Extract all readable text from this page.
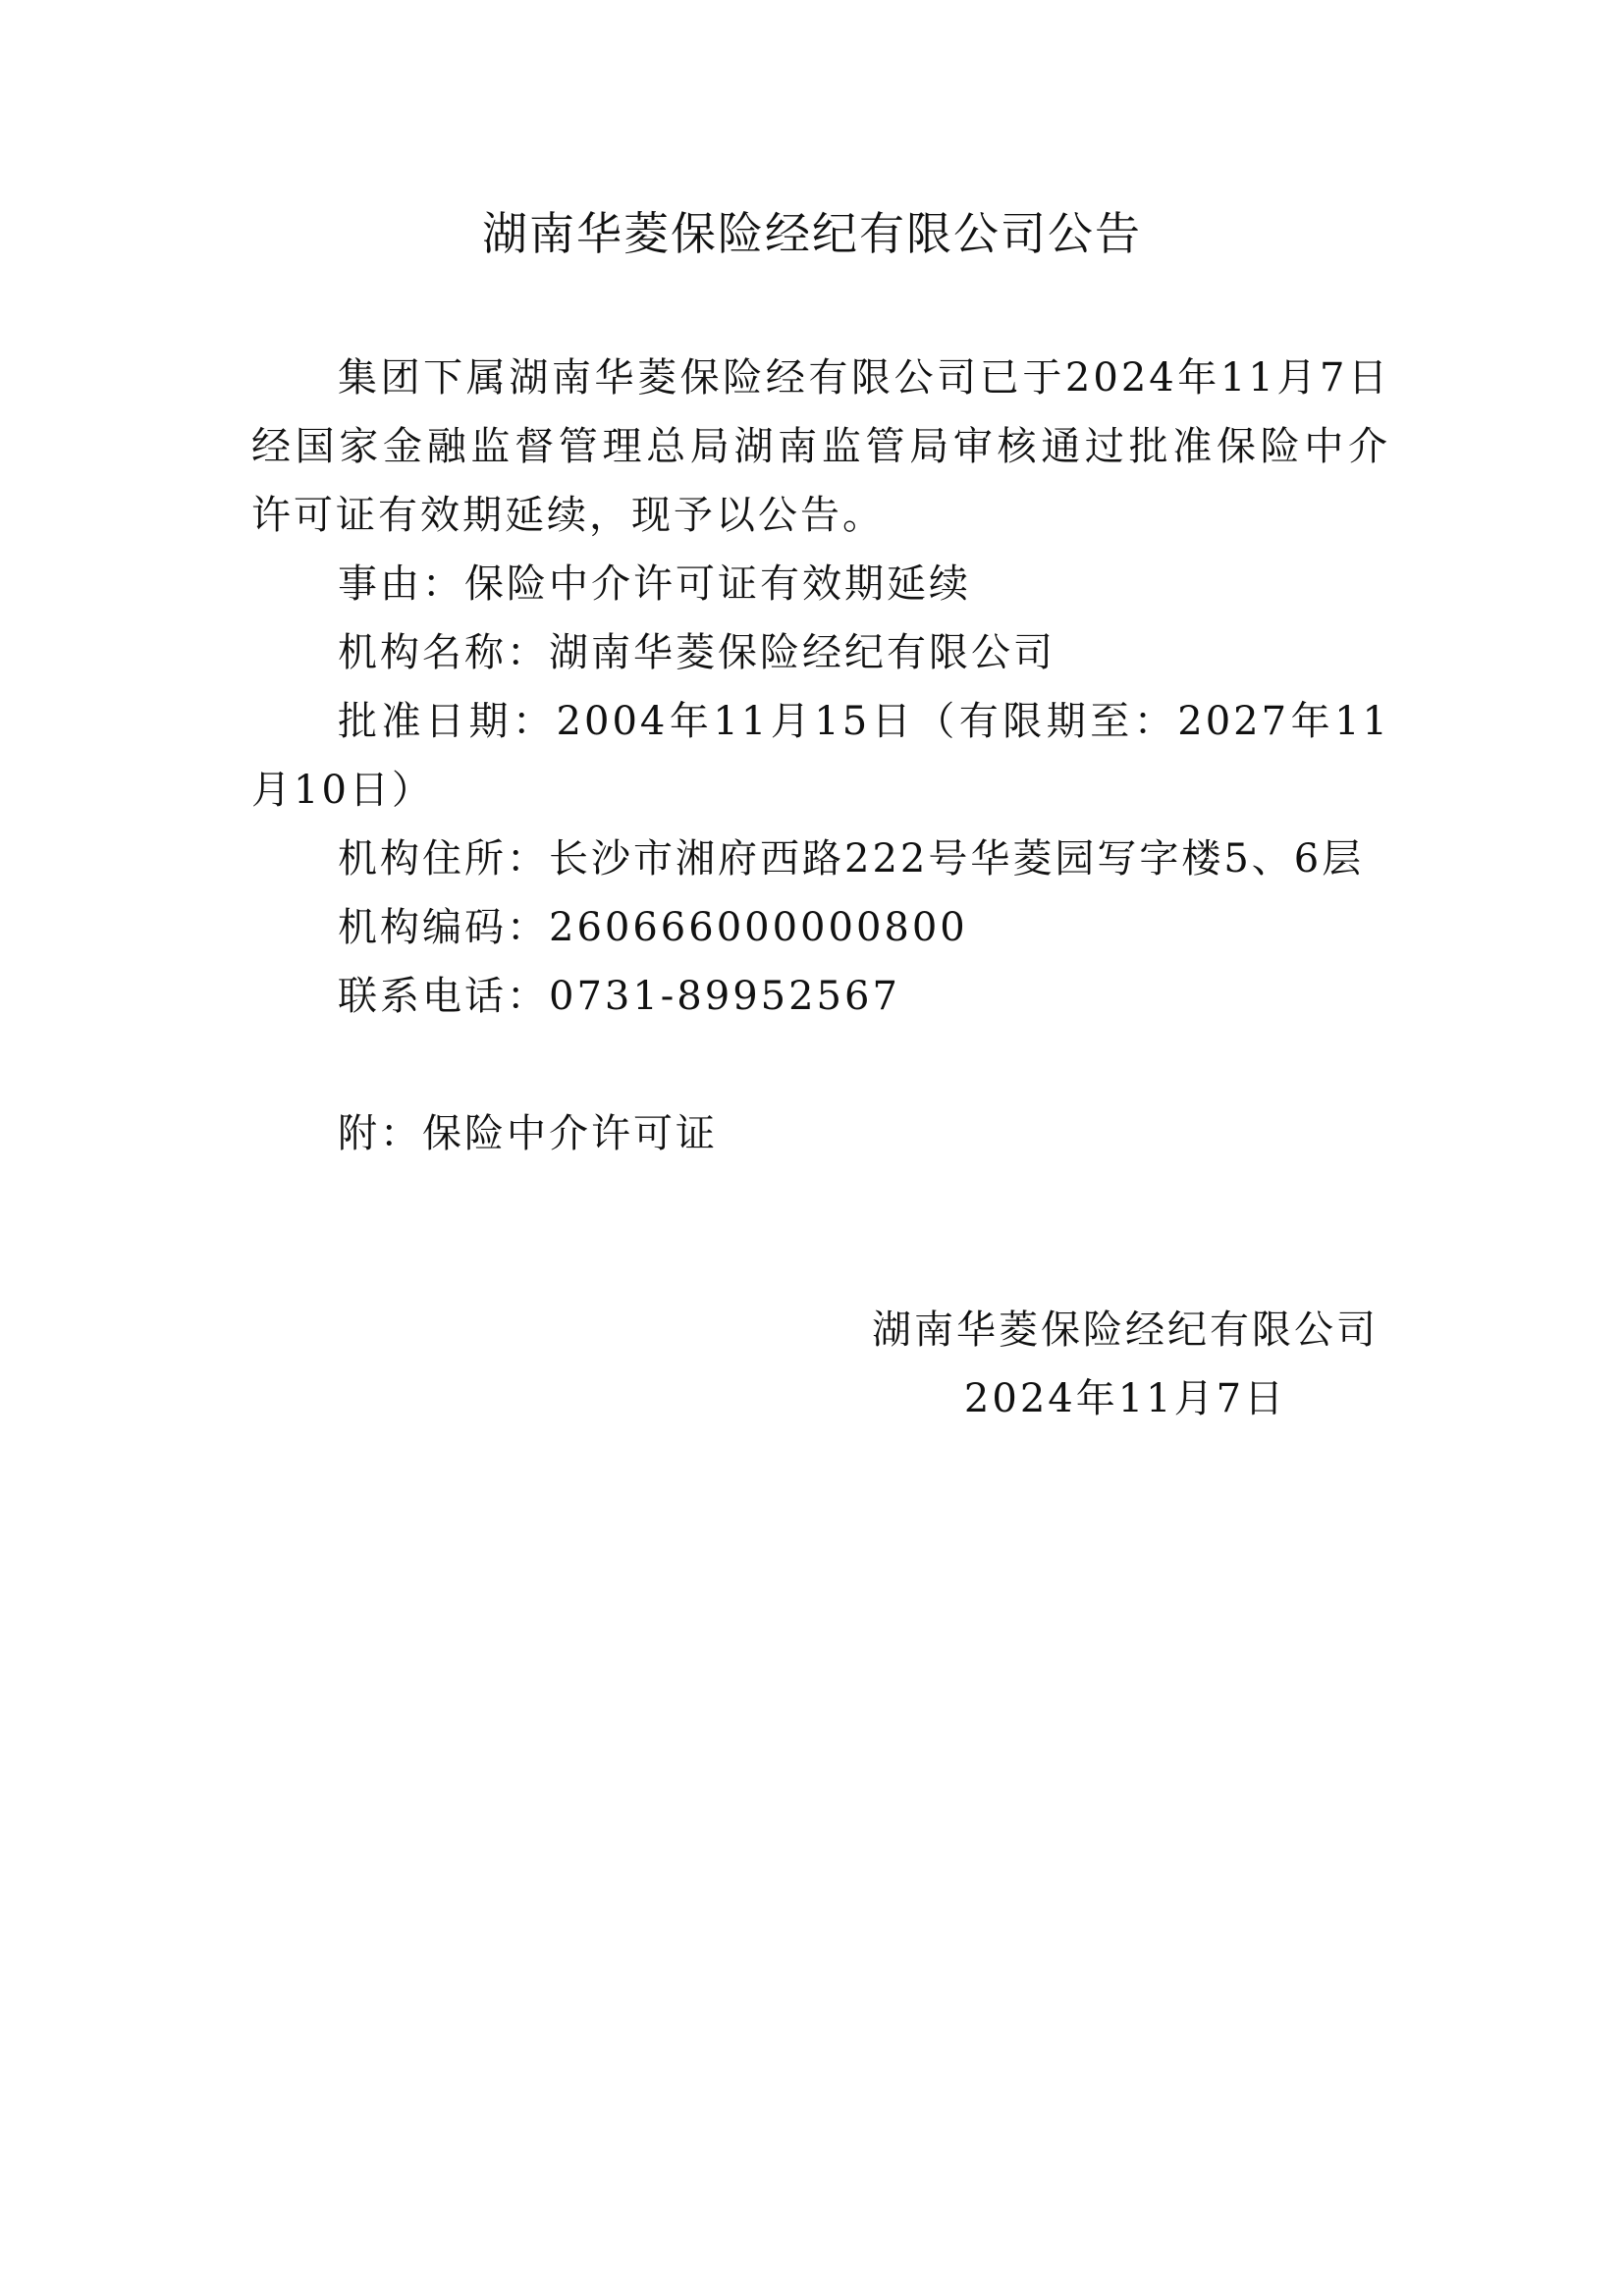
湖南华菱保险经纪有限公司公告

集团下属湖南华菱保险经有限公司已于2024年11月7日经国家金融监督管理总局湖南监管局审核通过批准保险中介许可证有效期延续，现予以公告。

事由：保险中介许可证有效期延续

机构名称：湖南华菱保险经纪有限公司

批准日期：2004年11月15日（有限期至：2027年11月10日）

机构住所：长沙市湘府西路222号华菱园写字楼5、6层

机构编码：260666000000800

联系电话：0731-89952567

附：保险中介许可证

湖南华菱保险经纪有限公司
2024年11月7日
